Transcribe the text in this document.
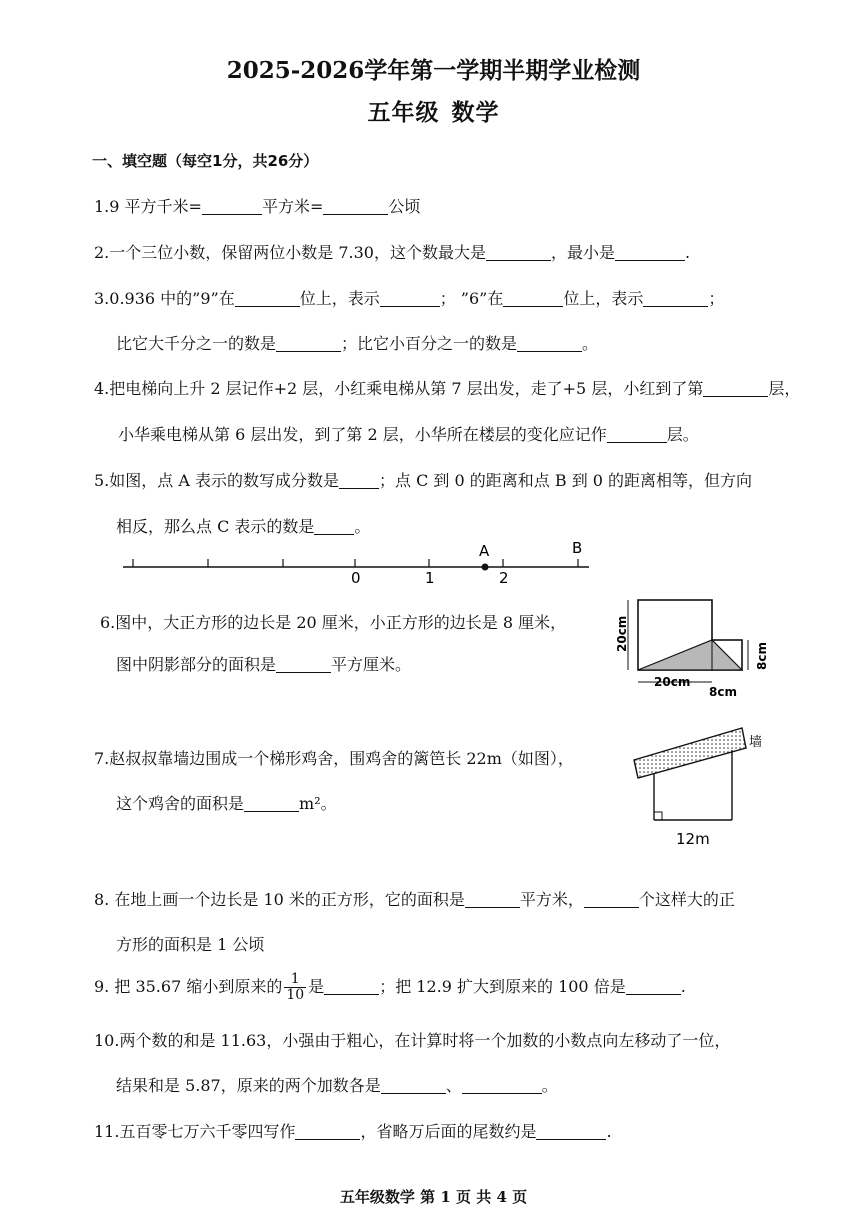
2025-2026学年第一学期半期学业检测
五年级 数学
一、填空题（每空1分，共26分）
1.9 平方千米=	平方米=	公顷
2.一个三位小数，保留两位小数是 7.30，这个数最大是	，最小是	.
3.0.936 中的”9”在	位上，表示	； ”6”在	位上，表示	；
比它大千分之一的数是	；比它小百分之一的数是	。
4.把电梯向上升 2 层记作+2 层，小红乘电梯从第 7 层出发，走了+5 层，小红到了第	层，
小华乘电梯从第 6 层出发，到了第 2 层，小华所在楼层的变化应记作	层。
5.如图，点 A 表示的数写成分数是	；点 C 到 0 的距离和点 B 到 0 的距离相等，但方向
相反，那么点 C 表示的数是	。
0	1	2
A	B
6.图中，大正方形的边长是 20 厘米，小正方形的边长是 8 厘米，
图中阴影部分的面积是	平方厘米。
20cm
20cm
8cm
8cm
7.赵叔叔靠墙边围成一个梯形鸡舍，围鸡舍的篱笆长 22m（如图），
这个鸡舍的面积是	m²。
墙
12m
8. 在地上画一个边长是 10 米的正方形，它的面积是	平方米，	个这样大的正
方形的面积是 1 公顷
9. 把 35.67 缩小到原来的 $\frac{1}{10}$ 是	；把 12.9 扩大到原来的 100 倍是	.
10.两个数的和是 11.63，小强由于粗心，在计算时将一个加数的小数点向左移动了一位，
结果和是 5.87，原来的两个加数各是	、	。
11.五百零七万六千零四写作	，省略万后面的尾数约是	.
五年级数学 第 1 页 共 4 页
